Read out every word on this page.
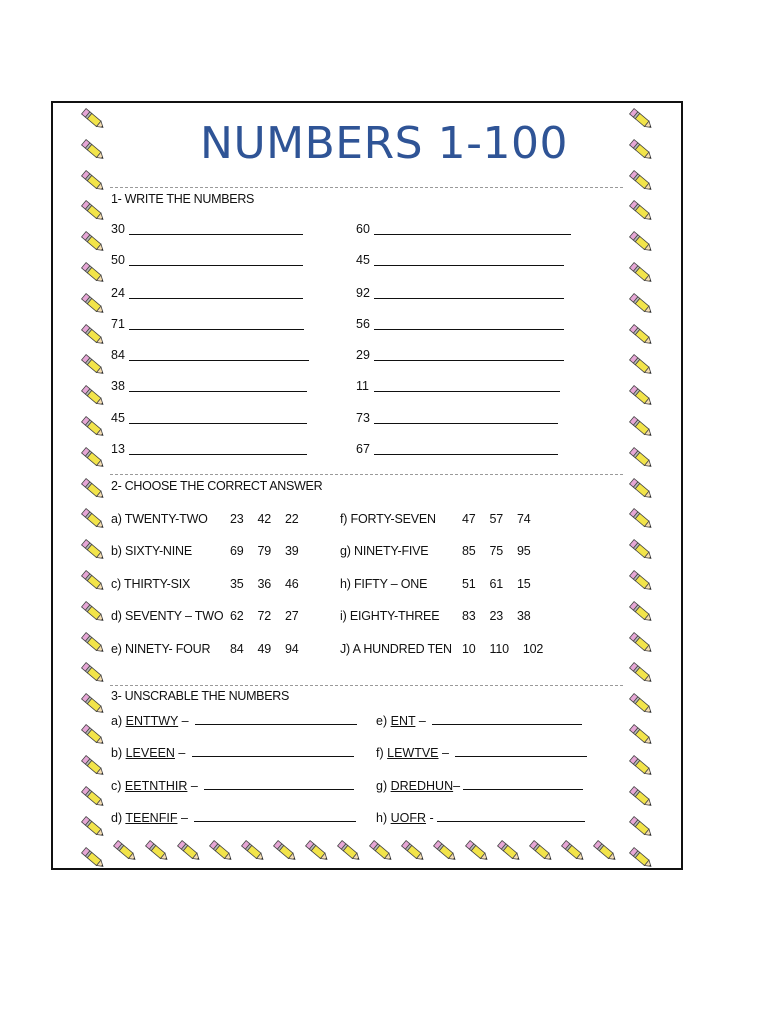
NUMBERS 1-100
1- WRITE THE NUMBERS
2- CHOOSE THE CORRECT ANSWER
3- UNSCRABLE THE NUMBERS
30	60
50	45
24	92
71	56
84	29
38	11
45	73
13	67
a) TWENTY-TWO 23 42 22	f) FORTY-SEVEN 47 57 74
b) SIXTY-NINE	69 79 39	g) NINETY-FIVE	85 75 95
c) THIRTY-SIX	35 36 46	h) FIFTY – ONE	51 61 15
d) SEVENTY – TWO 62 72 27	i) EIGHTY-THREE 83 23 38
e) NINETY- FOUR 84 49 94	J) A HUNDRED TEN 10 110 102
a) ENTTWY –	e) ENT –
b) LEVEEN –	f) LEWTVE –
c) EETNTHIR –	g) DREDHUN–
d) TEENFIF –	h) UOFR -
